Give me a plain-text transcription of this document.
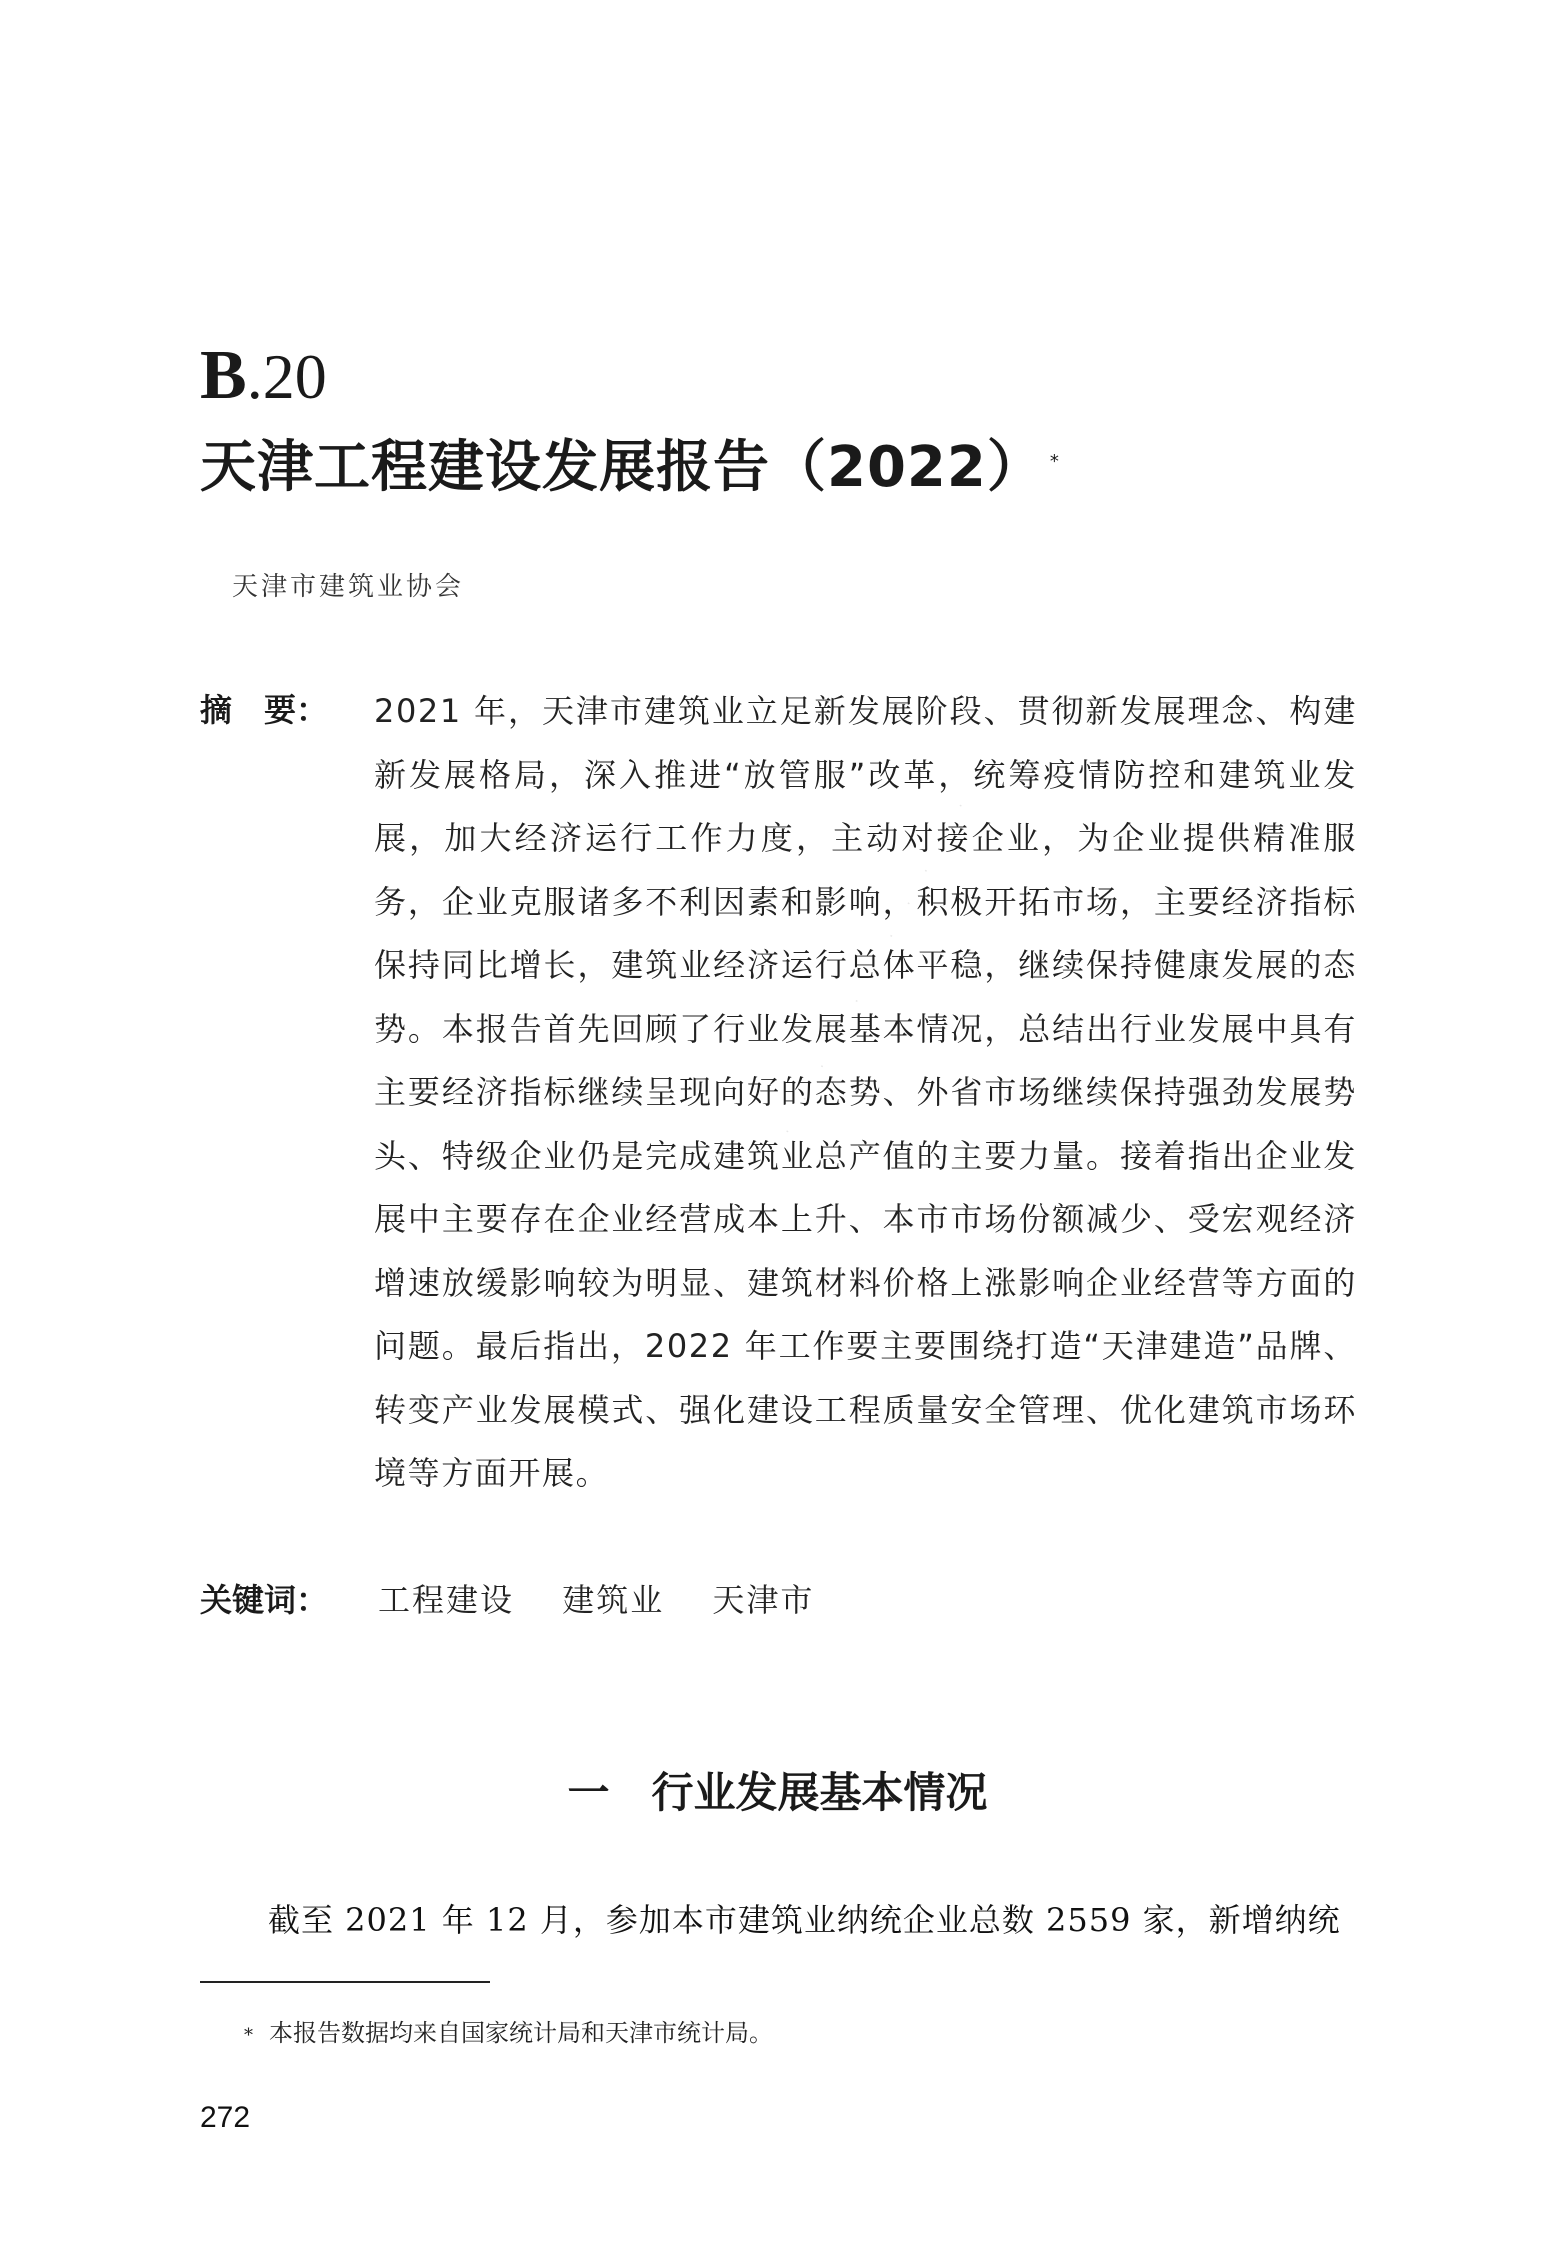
B.20
天津工程建设发展报告（2022） *
天津市建筑业协会
摘　要： 2021 年，天津市建筑业立足新发展阶段、贯彻新发展理念、构建新发展格局，深入推进“放管服”改革，统筹疫情防控和建筑业发展，加大经济运行工作力度，主动对接企业，为企业提供精准服务，企业克服诸多不利因素和影响，积极开拓市场，主要经济指标保持同比增长，建筑业经济运行总体平稳，继续保持健康发展的态势。本报告首先回顾了行业发展基本情况，总结出行业发展中具有主要经济指标继续呈现向好的态势、外省市场继续保持强劲发展势头、特级企业仍是完成建筑业总产值的主要力量。接着指出企业发展中主要存在企业经营成本上升、本市市场份额减少、受宏观经济增速放缓影响较为明显、建筑材料价格上涨影响企业经营等方面的问题。最后指出，2022 年工作要主要围绕打造“天津建造”品牌、转变产业发展模式、强化建设工程质量安全管理、优化建筑市场环境等方面开展。
· · · · · · · · · · · ·
关键词： 工程建设 建筑业 天津市
一 行业发展基本情况
截至 2021 年 12 月，参加本市建筑业纳统企业总数 2559 家，新增纳统
* 本报告数据均来自国家统计局和天津市统计局。
272
